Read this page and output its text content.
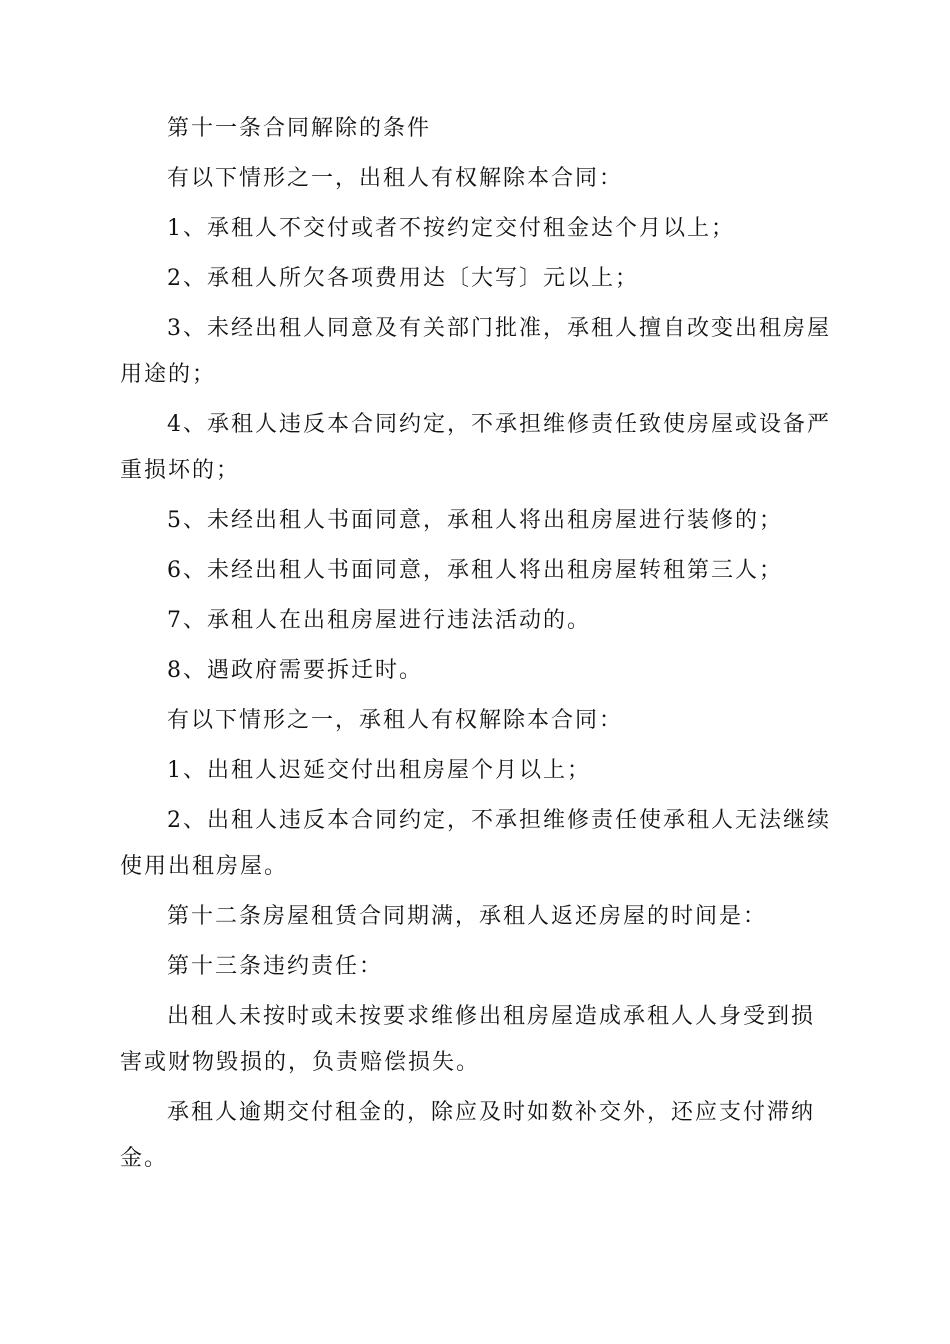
第十一条合同解除的条件

有以下情形之一，出租人有权解除本合同：

1、承租人不交付或者不按约定交付租金达个月以上；

2、承租人所欠各项费用达〔大写〕元以上；

3、未经出租人同意及有关部门批准，承租人擅自改变出租房屋用途的；

4、承租人违反本合同约定，不承担维修责任致使房屋或设备严重损坏的；

5、未经出租人书面同意，承租人将出租房屋进行装修的；

6、未经出租人书面同意，承租人将出租房屋转租第三人；

7、承租人在出租房屋进行违法活动的。

8、遇政府需要拆迁时。

有以下情形之一，承租人有权解除本合同：

1、出租人迟延交付出租房屋个月以上；

2、出租人违反本合同约定，不承担维修责任使承租人无法继续使用出租房屋。

第十二条房屋租赁合同期满，承租人返还房屋的时间是：

第十三条违约责任：

出租人未按时或未按要求维修出租房屋造成承租人人身受到损害或财物毁损的，负责赔偿损失。

承租人逾期交付租金的，除应及时如数补交外，还应支付滞纳金。
